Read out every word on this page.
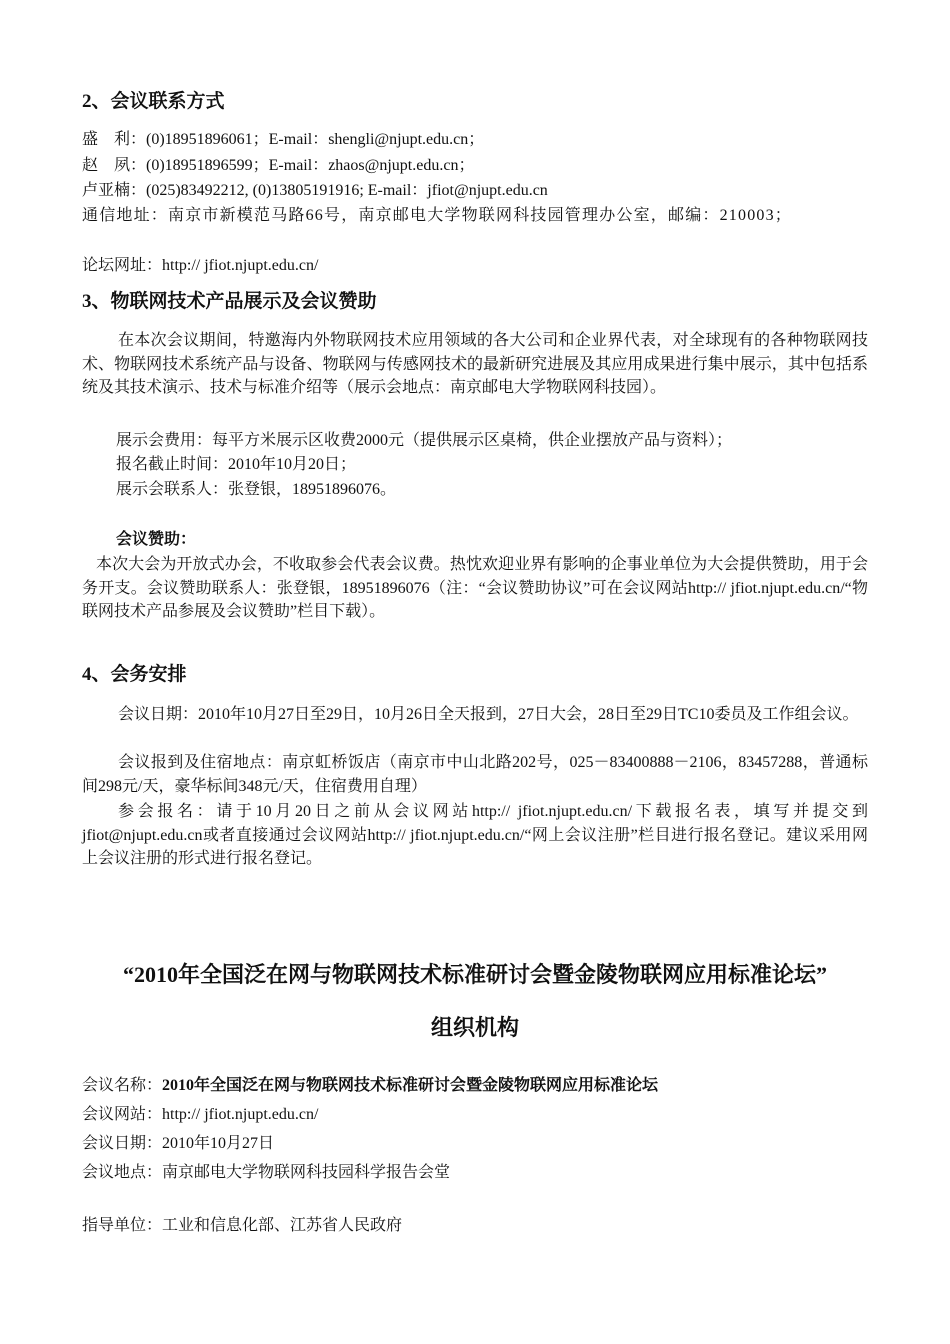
2、会议联系方式
盛　利：(0)18951896061；E-mail：shengli@njupt.edu.cn；
赵　夙：(0)18951896599；E-mail：zhaos@njupt.edu.cn；
卢亚楠：(025)83492212, (0)13805191916; E-mail：jfiot@njupt.edu.cn
通信地址：南京市新模范马路66号，南京邮电大学物联网科技园管理办公室，邮编：210003；
论坛网址：http:// jfiot.njupt.edu.cn/
3、物联网技术产品展示及会议赞助
在本次会议期间，特邀海内外物联网技术应用领域的各大公司和企业界代表，对全球现有的各种物联网技术、物联网技术系统产品与设备、物联网与传感网技术的最新研究进展及其应用成果进行集中展示，其中包括系统及其技术演示、技术与标准介绍等（展示会地点：南京邮电大学物联网科技园）。
展示会费用：每平方米展示区收费2000元（提供展示区桌椅，供企业摆放产品与资料）；
报名截止时间：2010年10月20日；
展示会联系人：张登银，18951896076。
会议赞助：
本次大会为开放式办会，不收取参会代表会议费。热忱欢迎业界有影响的企事业单位为大会提供赞助，用于会务开支。会议赞助联系人：张登银，18951896076（注：“会议赞助协议”可在会议网站http:// jfiot.njupt.edu.cn/“物联网技术产品参展及会议赞助”栏目下载）。
4、会务安排
会议日期：2010年10月27日至29日，10月26日全天报到，27日大会，28日至29日TC10委员及工作组会议。
会议报到及住宿地点：南京虹桥饭店（南京市中山北路202号，025－83400888－2106，83457288，普通标间298元/天，豪华标间348元/天，住宿费用自理）
参会报名：请于10月20日之前从会议网站http:// jfiot.njupt.edu.cn/下载报名表，填写并提交到jfiot@njupt.edu.cn或者直接通过会议网站http:// jfiot.njupt.edu.cn/“网上会议注册”栏目进行报名登记。建议采用网上会议注册的形式进行报名登记。
“2010年全国泛在网与物联网技术标准研讨会暨金陵物联网应用标准论坛”
组织机构
会议名称：2010年全国泛在网与物联网技术标准研讨会暨金陵物联网应用标准论坛
会议网站：http:// jfiot.njupt.edu.cn/
会议日期：2010年10月27日
会议地点：南京邮电大学物联网科技园科学报告会堂
指导单位：工业和信息化部、江苏省人民政府
